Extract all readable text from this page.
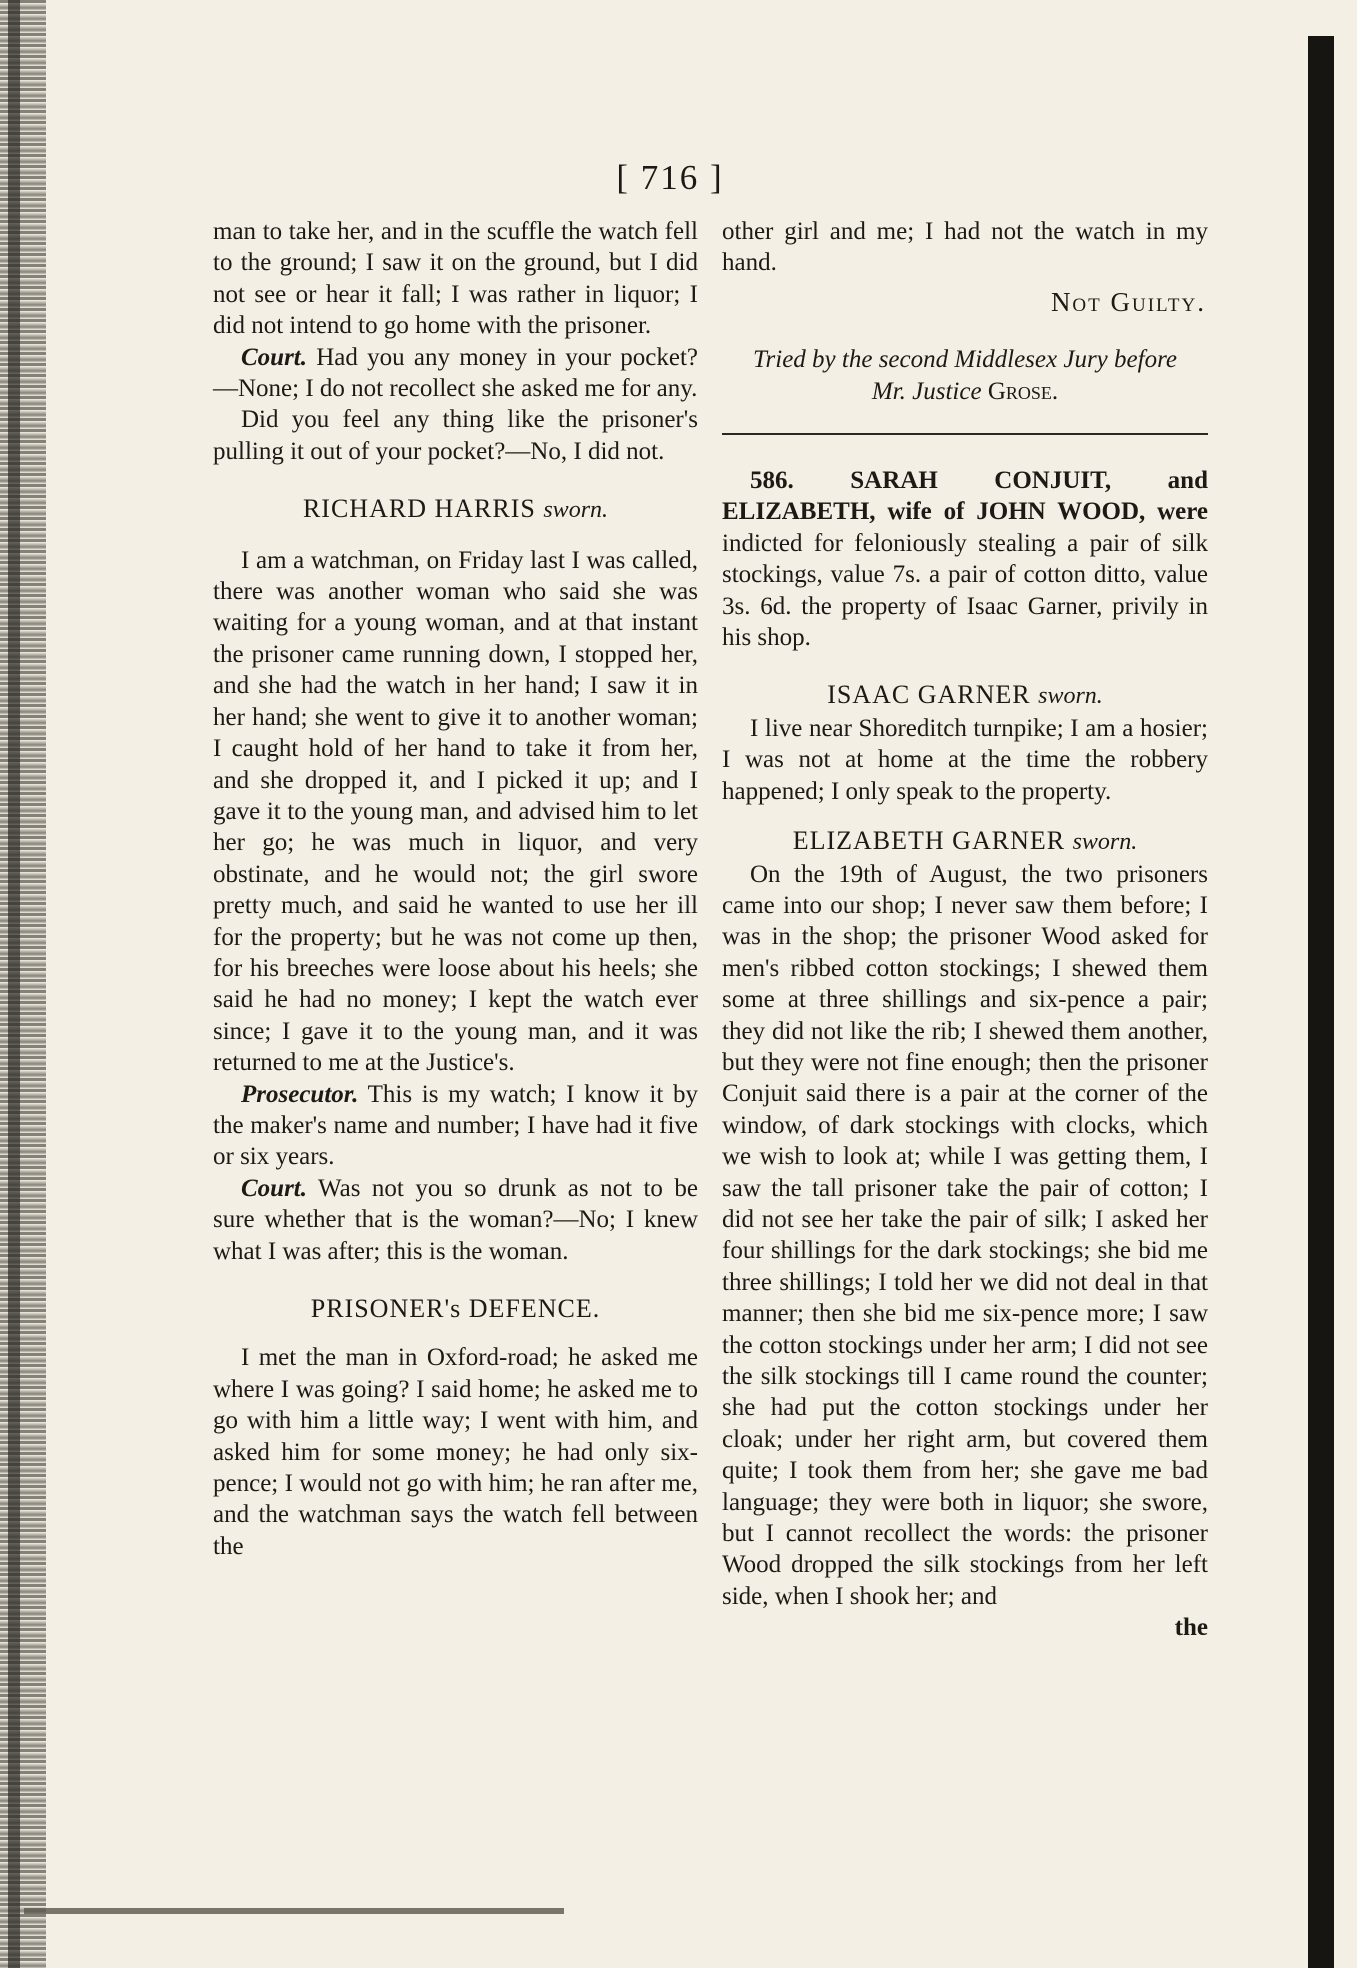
[ 716 ]

man to take her, and in the scuffle the watch fell to the ground; I saw it on the ground, but I did not see or hear it fall; I was rather in liquor; I did not intend to go home with the prisoner.

Court. Had you any money in your pocket?—None; I do not recollect she asked me for any.

Did you feel any thing like the prisoner's pulling it out of your pocket?—No, I did not.

RICHARD HARRIS sworn.

I am a watchman, on Friday last I was called, there was another woman who said she was waiting for a young woman, and at that instant the prisoner came running down, I stopped her, and she had the watch in her hand; I saw it in her hand; she went to give it to another woman; I caught hold of her hand to take it from her, and she dropped it, and I picked it up; and I gave it to the young man, and advised him to let her go; he was much in liquor, and very obstinate, and he would not; the girl swore pretty much, and said he wanted to use her ill for the property; but he was not come up then, for his breeches were loose about his heels; she said he had no money; I kept the watch ever since; I gave it to the young man, and it was returned to me at the Justice's.

Prosecutor. This is my watch; I know it by the maker's name and number; I have had it five or six years.

Court. Was not you so drunk as not to be sure whether that is the woman?—No; I knew what I was after; this is the woman.

PRISONER's DEFENCE.

I met the man in Oxford-road; he asked me where I was going? I said home; he asked me to go with him a little way; I went with him, and asked him for some money; he had only six-pence; I would not go with him; he ran after me, and the watchman says the watch fell between the

other girl and me; I had not the watch in my hand.

Not Guilty.
Tried by the second Middlesex Jury before
Mr. Justice Grose.

586. SARAH CONJUIT, and ELIZABETH, wife of JOHN WOOD, were indicted for feloniously stealing a pair of silk stockings, value 7s. a pair of cotton ditto, value 3s. 6d. the property of Isaac Garner, privily in his shop.

ISAAC GARNER sworn.

I live near Shoreditch turnpike; I am a hosier; I was not at home at the time the robbery happened; I only speak to the property.

ELIZABETH GARNER sworn.

On the 19th of August, the two prisoners came into our shop; I never saw them before; I was in the shop; the prisoner Wood asked for men's ribbed cotton stockings; I shewed them some at three shillings and six-pence a pair; they did not like the rib; I shewed them another, but they were not fine enough; then the prisoner Conjuit said there is a pair at the corner of the window, of dark stockings with clocks, which we wish to look at; while I was getting them, I saw the tall prisoner take the pair of cotton; I did not see her take the pair of silk; I asked her four shillings for the dark stockings; she bid me three shillings; I told her we did not deal in that manner; then she bid me six-pence more; I saw the cotton stockings under her arm; I did not see the silk stockings till I came round the counter; she had put the cotton stockings under her cloak; under her right arm, but covered them quite; I took them from her; she gave me bad language; they were both in liquor; she swore, but I cannot recollect the words: the prisoner Wood dropped the silk stockings from her left side, when I shook her; and

the
